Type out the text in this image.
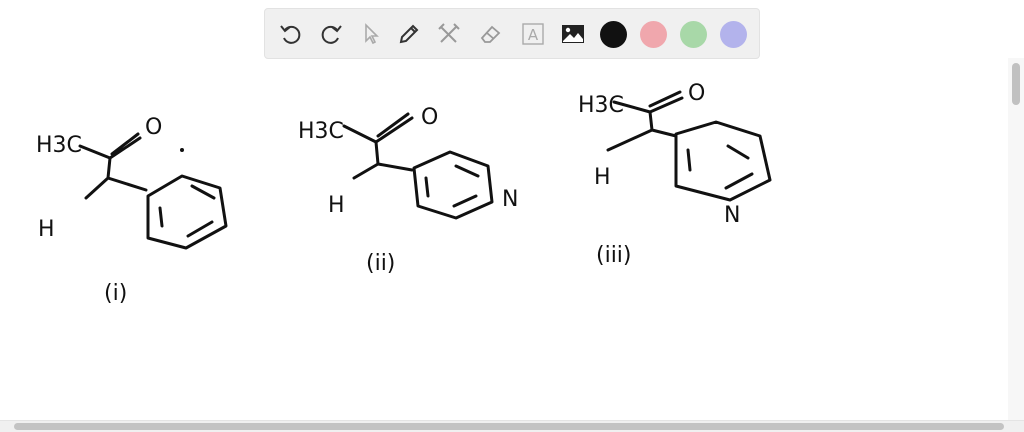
A
H3C
O
H
(i)
H3C
O
H	N
(ii)
H3C	O
H
N
(iii)
